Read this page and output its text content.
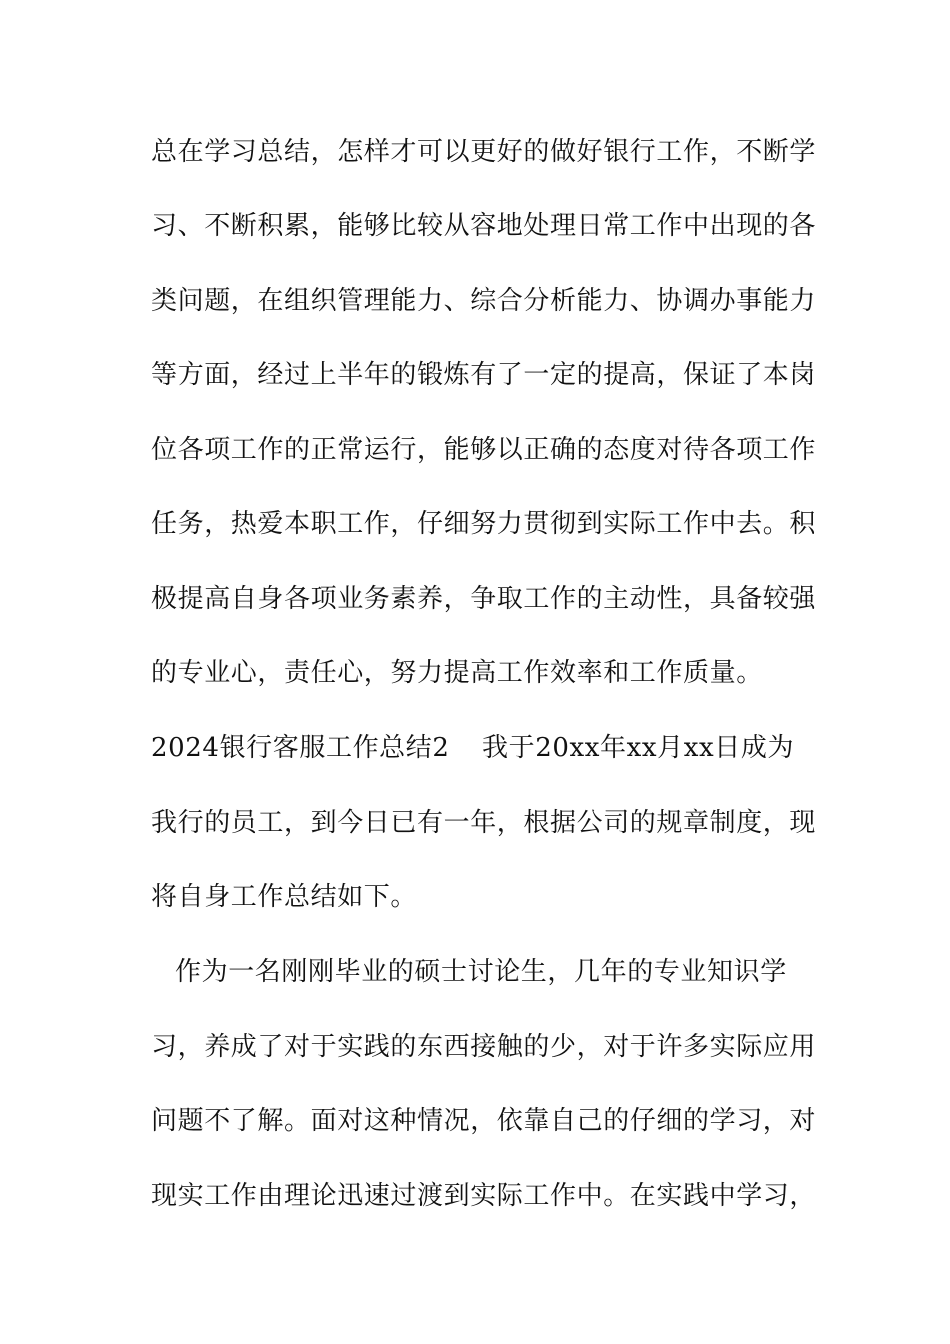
总在学习总结，怎样才可以更好的做好银行工作，不断学
习、不断积累，能够比较从容地处理日常工作中出现的各
类问题，在组织管理能力、综合分析能力、协调办事能力
等方面，经过上半年的锻炼有了一定的提高，保证了本岗
位各项工作的正常运行，能够以正确的态度对待各项工作
任务，热爱本职工作，仔细努力贯彻到实际工作中去。积
极提高自身各项业务素养，争取工作的主动性，具备较强
的专业心，责任心，努力提高工作效率和工作质量。
2024银行客服工作总结2 我于20xx年xx月xx日成为
我行的员工，到今日已有一年，根据公司的规章制度，现
将自身工作总结如下。
作为一名刚刚毕业的硕士讨论生，几年的专业知识学
习，养成了对于实践的东西接触的少，对于许多实际应用
问题不了解。面对这种情况，依靠自己的仔细的学习，对
现实工作由理论迅速过渡到实际工作中。在实践中学习，
